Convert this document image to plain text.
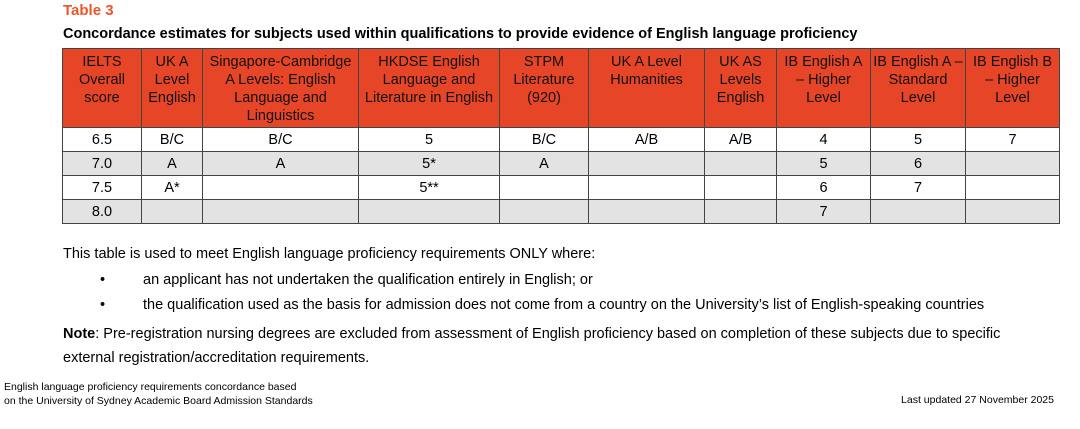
Table 3
Concordance estimates for subjects used within qualifications to provide evidence of English language proficiency
IELTS Overall score	UK A Level English	Singapore-Cambridge A Levels: English Language and Linguistics	HKDSE English Language and Literature in English	STPM Literature (920)	UK A Level Humanities	UK AS Levels English	IB English A – Higher Level	IB English A – Standard Level	IB English B – Higher Level
6.5	B/C	B/C	5	B/C	A/B	A/B	4	5	7
7.0	A	A	5*	A			5	6	
7.5	A*		5**				6	7	
8.0							7		
This table is used to meet English language proficiency requirements ONLY where:
•	an applicant has not undertaken the qualification entirely in English; or
•	the qualification used as the basis for admission does not come from a country on the University’s list of English-speaking countries
Note: Pre-registration nursing degrees are excluded from assessment of English proficiency based on completion of these subjects due to specific external registration/accreditation requirements.
English language proficiency requirements concordance based
on the University of Sydney Academic Board Admission Standards	Last updated 27 November 2025
